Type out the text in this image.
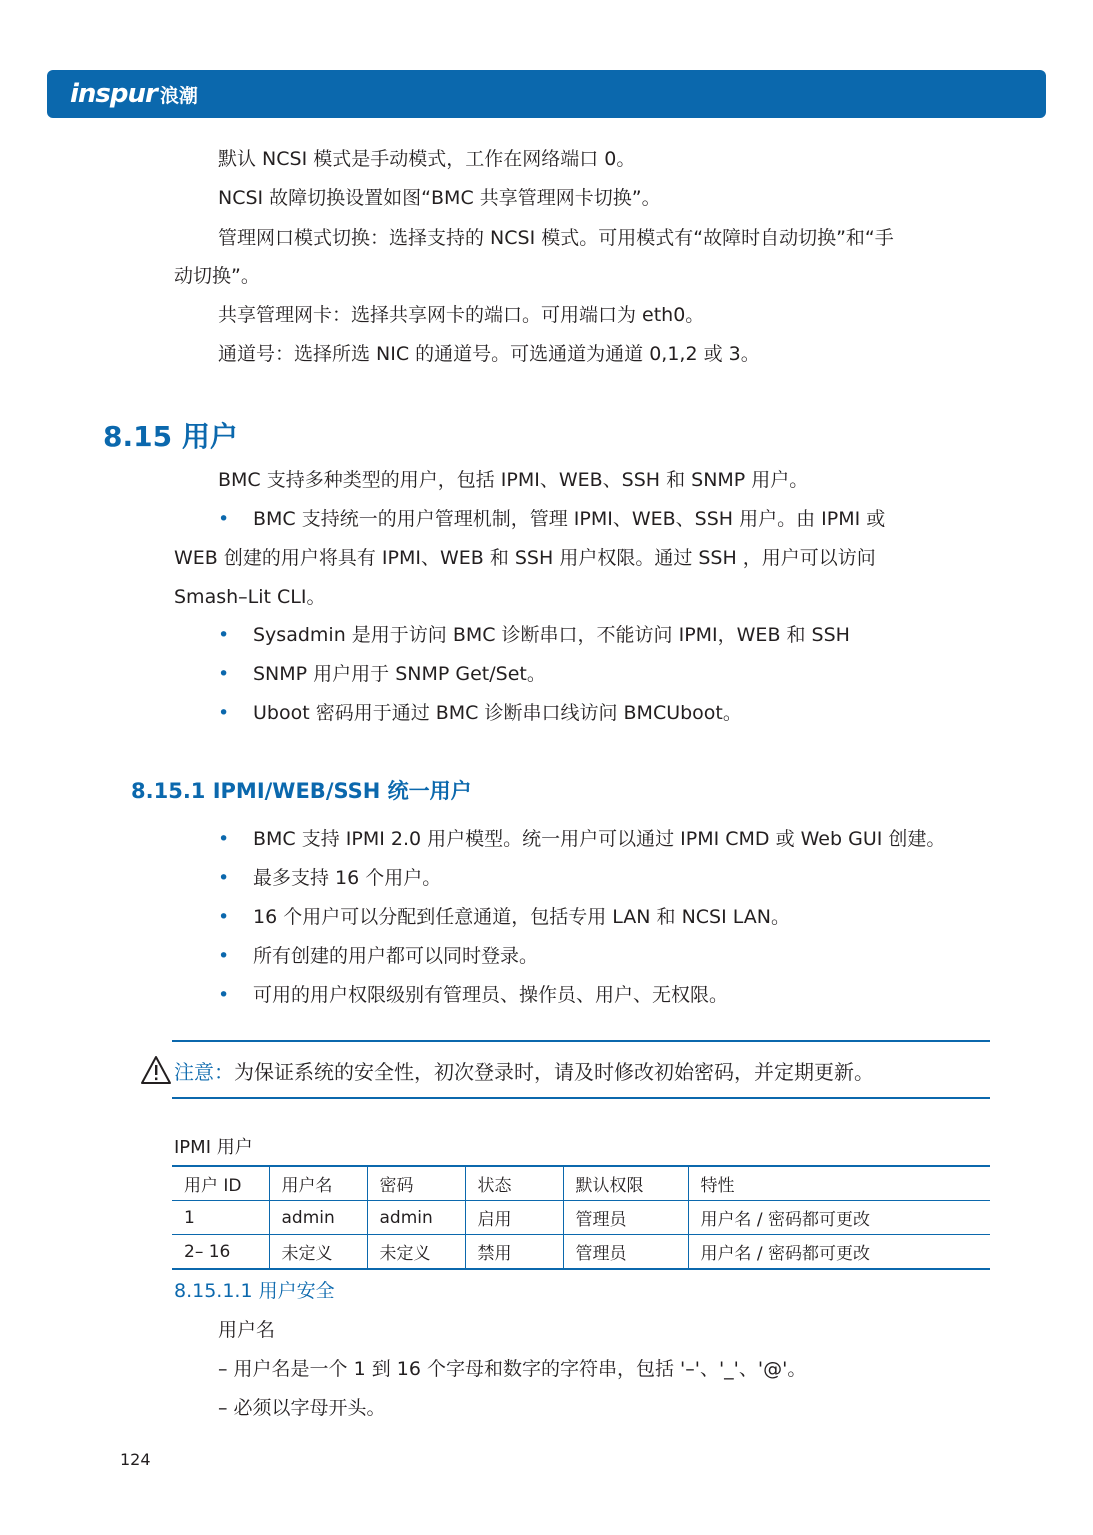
inspur 浪潮
默认 NCSI 模式是手动模式，工作在网络端口 0。
NCSI 故障切换设置如图“BMC 共享管理网卡切换”。
管理网口模式切换：选择支持的 NCSI 模式。可用模式有“故障时自动切换”和“手
动切换”。
共享管理网卡：选择共享网卡的端口。可用端口为 eth0。
通道号：选择所选 NIC 的通道号。可选通道为通道 0,1,2 或 3。
8.15 用户
BMC 支持多种类型的用户，包括 IPMI、WEB、SSH 和 SNMP 用户。
• BMC 支持统一的用户管理机制，管理 IPMI、WEB、SSH 用户。由 IPMI 或
WEB 创建的用户将具有 IPMI、WEB 和 SSH 用户权限。通过 SSH ，用户可以访问
Smash–Lit CLI。
• Sysadmin 是用于访问 BMC 诊断串口，不能访问 IPMI，WEB 和 SSH
• SNMP 用户用于 SNMP Get/Set。
• Uboot 密码用于通过 BMC 诊断串口线访问 BMCUboot。
8.15.1 IPMI/WEB/SSH 统一用户
• BMC 支持 IPMI 2.0 用户模型。统一用户可以通过 IPMI CMD 或 Web GUI 创建。
• 最多支持 16 个用户。
• 16 个用户可以分配到任意通道，包括专用 LAN 和 NCSI LAN。
• 所有创建的用户都可以同时登录。
• 可用的用户权限级别有管理员、操作员、用户、无权限。
注意：为保证系统的安全性，初次登录时，请及时修改初始密码，并定期更新。
IPMI 用户
用户 ID	用户名	密码	状态	默认权限	特性
1	admin	admin	启用	管理员	用户名 / 密码都可更改
2– 16	未定义	未定义	禁用	管理员	用户名 / 密码都可更改
8.15.1.1 用户安全
用户名
– 用户名是一个 1 到 16 个字母和数字的字符串，包括 '–'、'_'、'@'。
– 必须以字母开头。
124
